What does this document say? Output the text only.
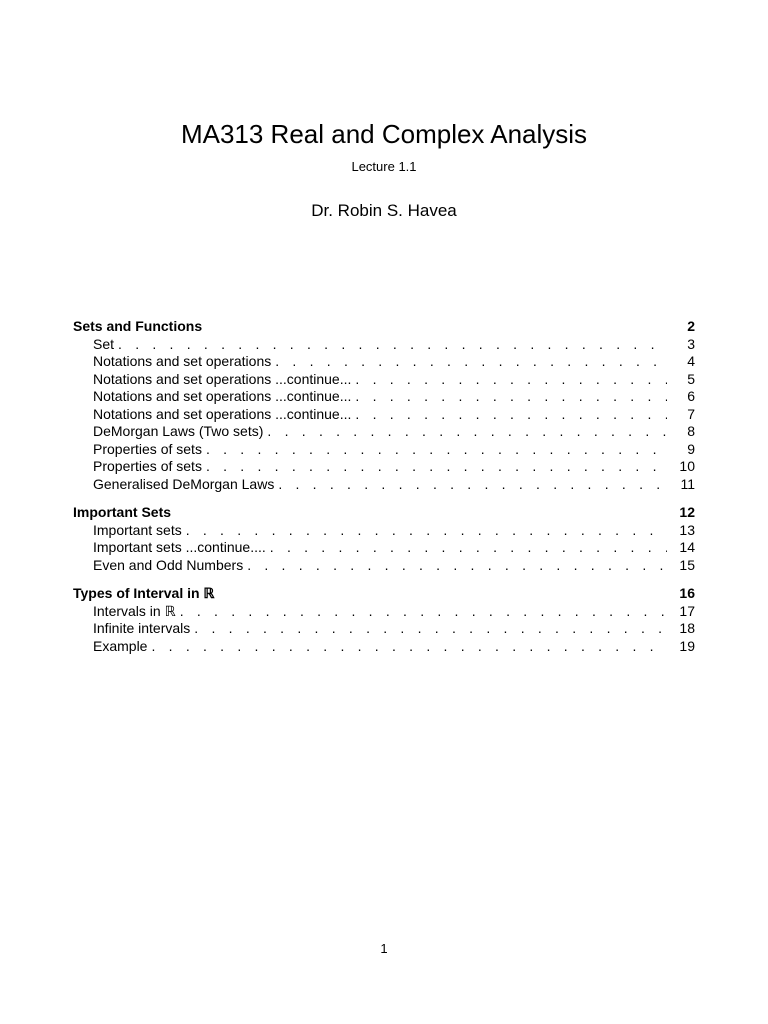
MA313 Real and Complex Analysis
Lecture 1.1
Dr. Robin S. Havea
Sets and Functions	2
Set . . .	3
Notations and set operations . . .	4
Notations and set operations ...continue... . . .	5
Notations and set operations ...continue... . . .	6
Notations and set operations ...continue... . . .	7
DeMorgan Laws (Two sets) . . .	8
Properties of sets . . .	9
Properties of sets . . .	10
Generalised DeMorgan Laws . . .	11
Important Sets	12
Important sets . . .	13
Important sets ...continue.... . . .	14
Even and Odd Numbers . . .	15
Types of Interval in ℝ	16
Intervals in ℝ . . .	17
Infinite intervals . . .	18
Example . . .	19
1
